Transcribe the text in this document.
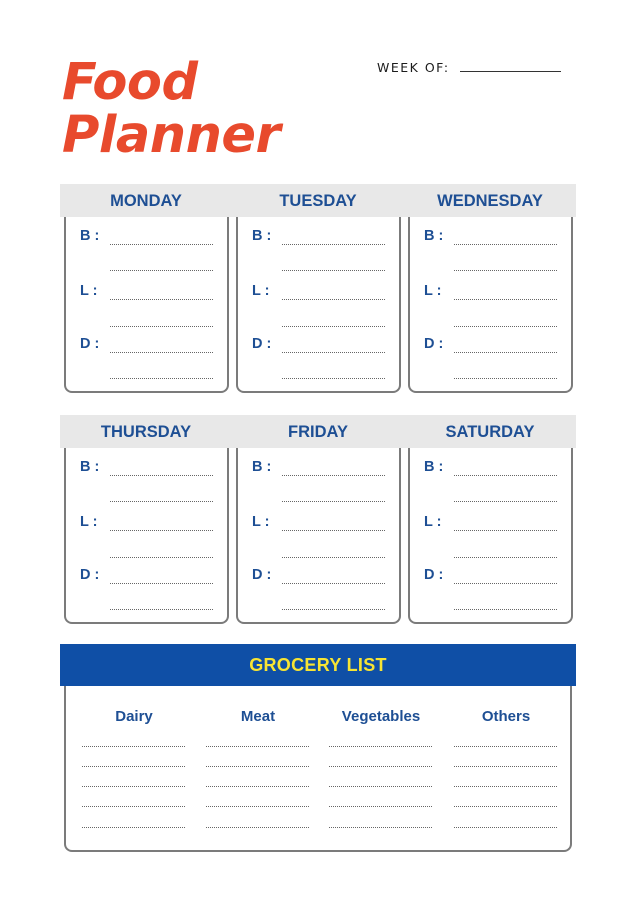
Food
Planner
WEEK OF:
MONDAY	TUESDAY	WEDNESDAY
B :
L :
D :
B :
L :
D :
B :
L :
D :
THURSDAY	FRIDAY	SATURDAY
B :
L :
D :
B :
L :
D :
B :
L :
D :
GROCERY LIST
Dairy	Meat	Vegetables	Others
